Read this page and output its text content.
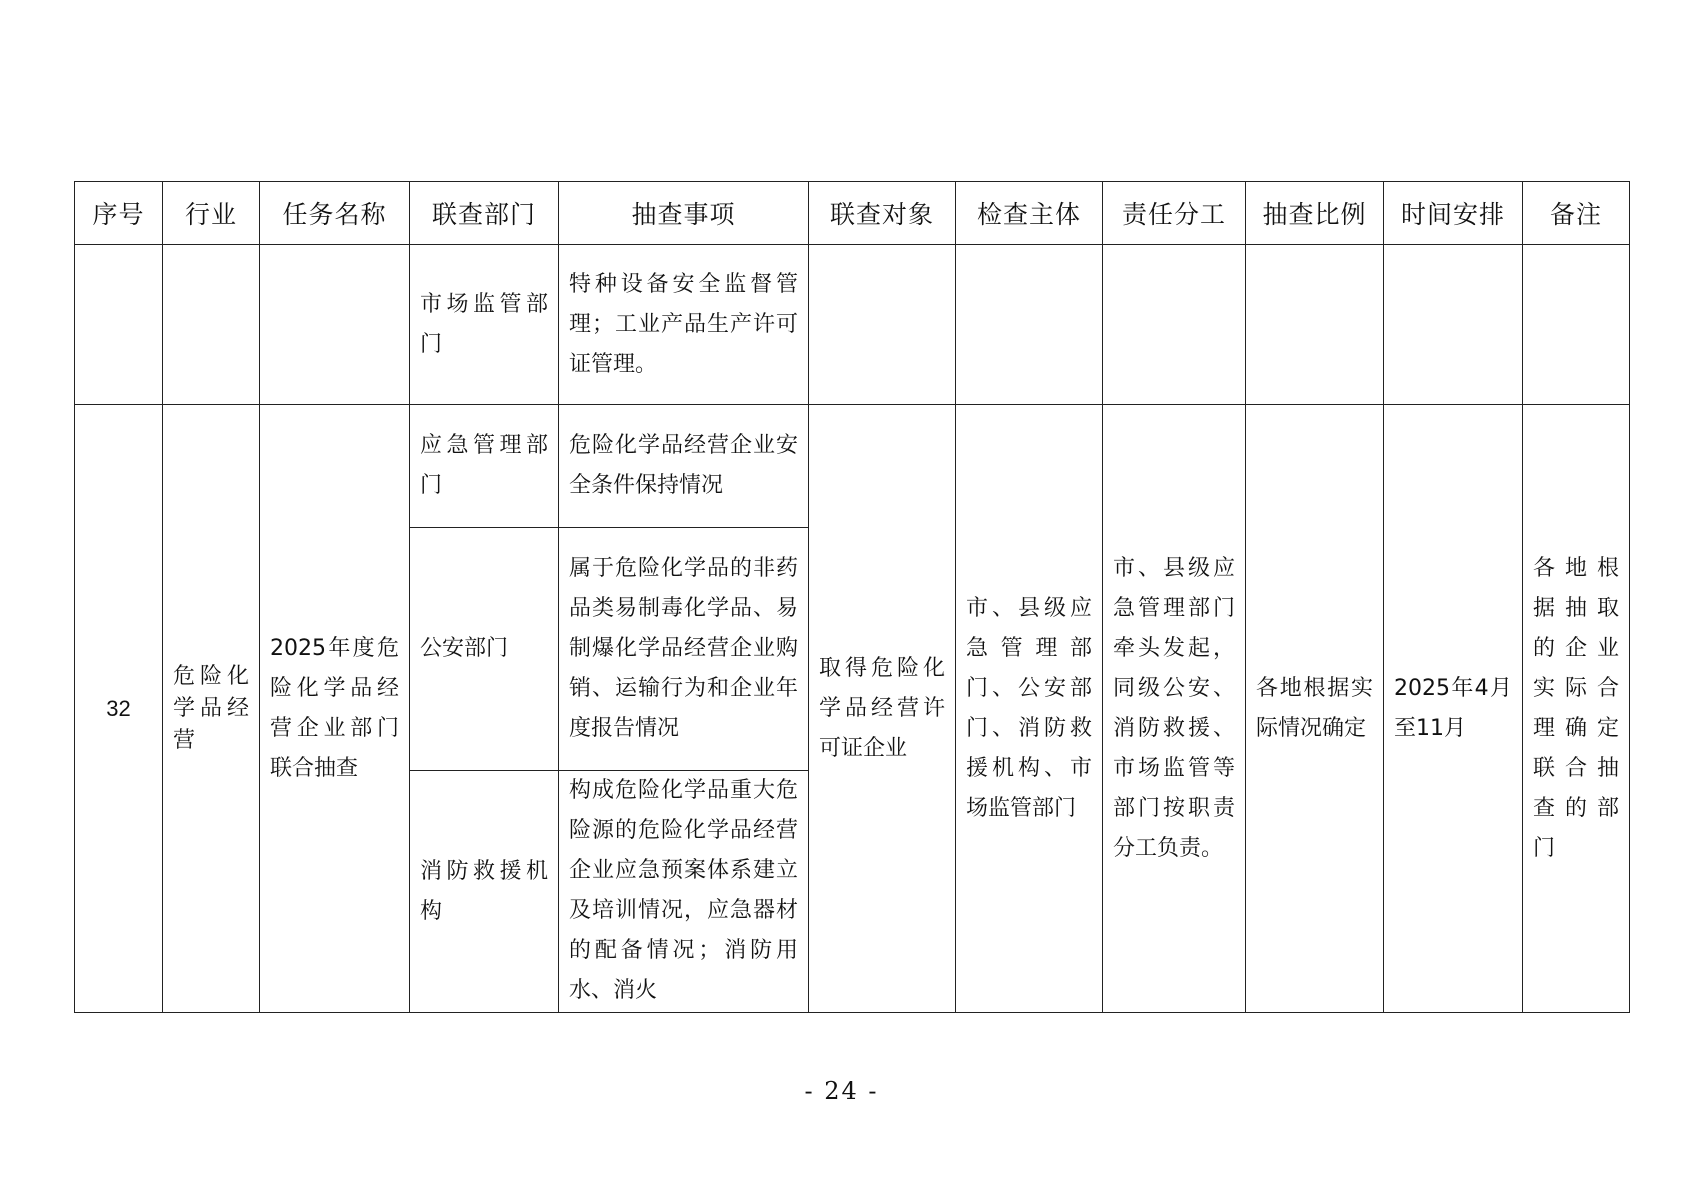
序号	行业	任务名称	联查部门	抽查事项	联查对象	检查主体	责任分工	抽查比例	时间安排	备注

			市场监管部门	特种设备安全监督管理；工业产品生产许可证管理。						

32	危险化学品经营	2025年度危险化学品经营企业部门联合抽查	应急管理部门	危险化学品经营企业安全条件保持情况	取得危险化学品经营许可证企业	市、县级应急管理部门、公安部门、消防救援机构、市场监管部门	市、县级应急管理部门牵头发起，同级公安、消防救援、市场监管等部门按职责分工负责。	各地根据实际情况确定	2025年4月至11月	各地根据抽取的企业实际合理确定联合抽查的部门

			公安部门	属于危险化学品的非药品类易制毒化学品、易制爆化学品经营企业购销、运输行为和企业年度报告情况						

			消防救援机构	构成危险化学品重大危险源的危险化学品经营企业应急预案体系建立及培训情况，应急器材的配备情况；消防用水、消火						
- 24 -
